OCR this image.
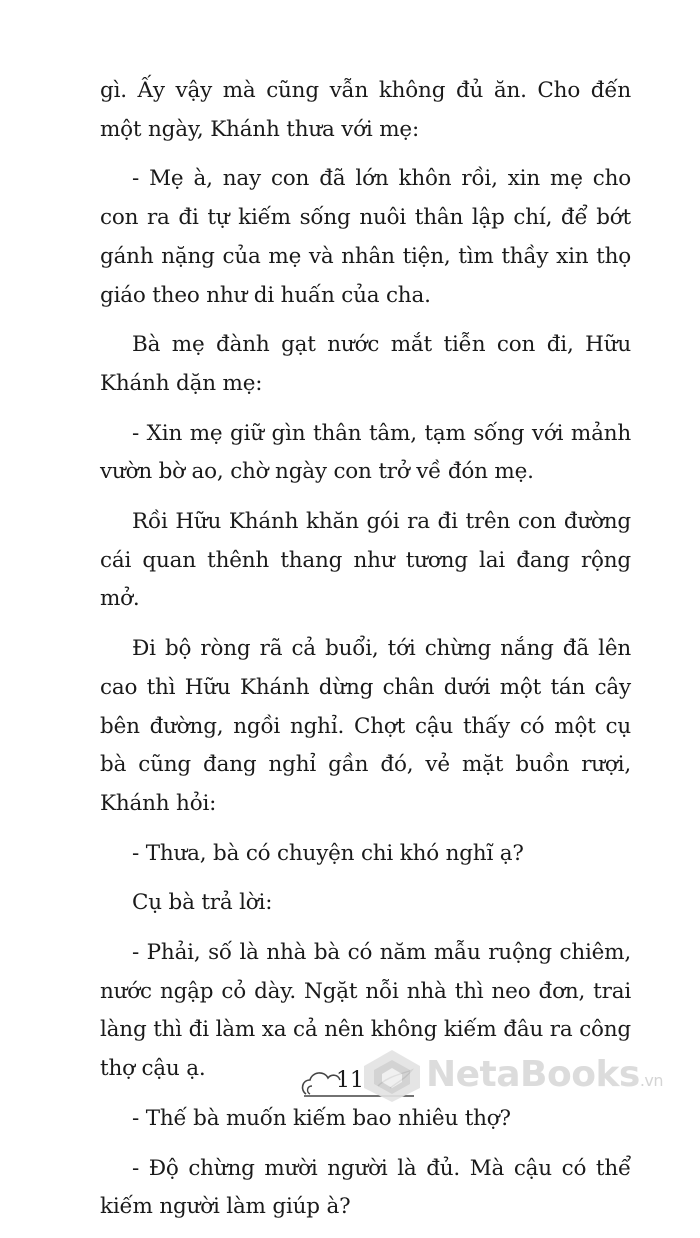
gì. Ấy vậy mà cũng vẫn không đủ ăn. Cho đến một ngày, Khánh thưa với mẹ:

- Mẹ à, nay con đã lớn khôn rồi, xin mẹ cho con ra đi tự kiếm sống nuôi thân lập chí, để bớt gánh nặng của mẹ và nhân tiện, tìm thầy xin thọ giáo theo như di huấn của cha.

Bà mẹ đành gạt nước mắt tiễn con đi, Hữu Khánh dặn mẹ:

- Xin mẹ giữ gìn thân tâm, tạm sống với mảnh vườn bờ ao, chờ ngày con trở về đón mẹ.

Rồi Hữu Khánh khăn gói ra đi trên con đường cái quan thênh thang như tương lai đang rộng mở.

Đi bộ ròng rã cả buổi, tới chừng nắng đã lên cao thì Hữu Khánh dừng chân dưới một tán cây bên đường, ngồi nghỉ. Chợt cậu thấy có một cụ bà cũng đang nghỉ gần đó, vẻ mặt buồn rượi, Khánh hỏi:

- Thưa, bà có chuyện chi khó nghĩ ạ?

Cụ bà trả lời:

- Phải, số là nhà bà có năm mẫu ruộng chiêm, nước ngập cỏ dày. Ngặt nỗi nhà thì neo đơn, trai làng thì đi làm xa cả nên không kiếm đâu ra công thợ cậu ạ.

- Thế bà muốn kiếm bao nhiêu thợ?

- Độ chừng mười người là đủ. Mà cậu có thể kiếm người làm giúp à?

11 NetaBooks.vn
